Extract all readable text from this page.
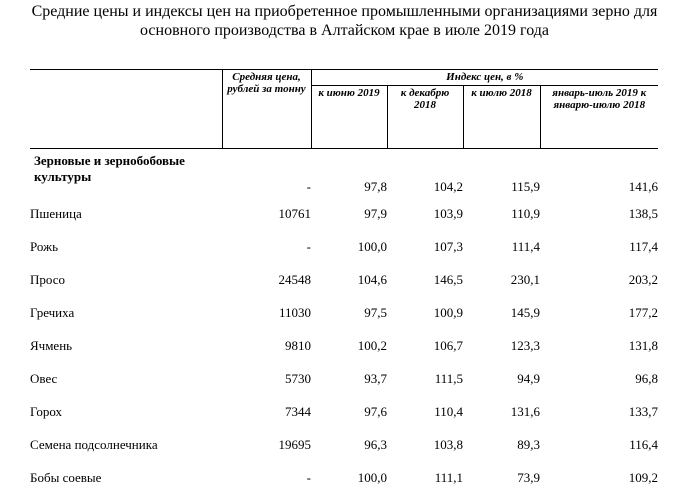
Средние цены и индексы цен на приобретенное промышленными организациями зерно для
основного производства в Алтайском крае в июле 2019 года
	Средняя цена, рублей за тонну	Индекс цен, в %			
		к июню 2019	к декабрю 2018	к июлю 2018	январь-июль 2019 к январю-июлю 2018
Зерновые и зернобобовые культуры	-	97,8	104,2	115,9	141,6
Пшеница	10761	97,9	103,9	110,9	138,5
Рожь	-	100,0	107,3	111,4	117,4
Просо	24548	104,6	146,5	230,1	203,2
Гречиха	11030	97,5	100,9	145,9	177,2
Ячмень	9810	100,2	106,7	123,3	131,8
Овес	5730	93,7	111,5	94,9	96,8
Горох	7344	97,6	110,4	131,6	133,7
Семена подсолнечника	19695	96,3	103,8	89,3	116,4
Бобы соевые	-	100,0	111,1	73,9	109,2
